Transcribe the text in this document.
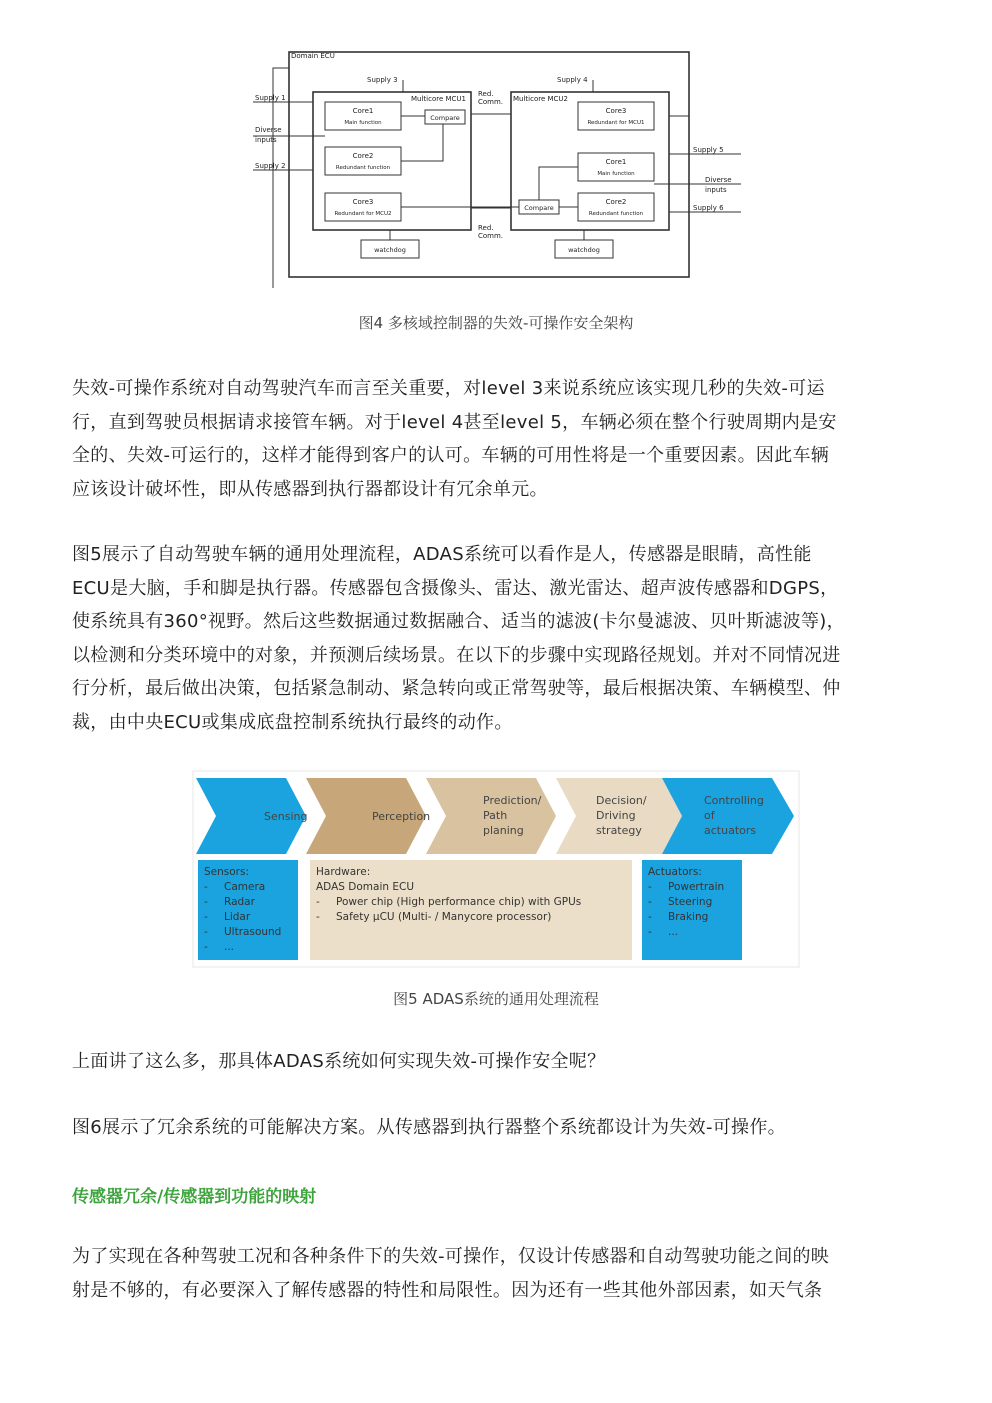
Domain ECU
Supply 1
Supply 2
Supply 3	Supply 4
Supply 5
Supply 6
Diverse
inputs
Diverse
inputs
Multicore MCU1	Multicore MCU2
Red.
Comm.
Red.
Comm.
Core1
Main function
Core2
Redundant function
Core3
Redundant for MCU2
Compare
Core3
Redundant for MCU1
Core1
Main function
Core2
Redundant function
Compare
watchdog	watchdog
图4 多核域控制器的失效-可操作安全架构
失效-可操作系统对自动驾驶汽车而言至关重要，对level 3来说系统应该实现几秒的失效-可运
行，直到驾驶员根据请求接管车辆。对于level 4甚至level 5，车辆必须在整个行驶周期内是安
全的、失效-可运行的，这样才能得到客户的认可。车辆的可用性将是一个重要因素。因此车辆
应该设计破坏性，即从传感器到执行器都设计有冗余单元。
图5展示了自动驾驶车辆的通用处理流程，ADAS系统可以看作是人，传感器是眼睛，高性能
ECU是大脑，手和脚是执行器。传感器包含摄像头、雷达、激光雷达、超声波传感器和DGPS，
使系统具有360°视野。然后这些数据通过数据融合、适当的滤波(卡尔曼滤波、贝叶斯滤波等)，
以检测和分类环境中的对象，并预测后续场景。在以下的步骤中实现路径规划。并对不同情况进
行分析，最后做出决策，包括紧急制动、紧急转向或正常驾驶等，最后根据决策、车辆模型、仲
裁，由中央ECU或集成底盘控制系统执行最终的动作。
Sensing	Perception
Prediction/
Path
planing
Decision/
Driving
strategy
Controlling
of
actuators
Sensors:
- Camera
- Radar
- Lidar
- Ultrasound
- ...
Hardware:
ADAS Domain ECU
- Power chip (High performance chip) with GPUs
- Safety µCU (Multi- / Manycore processor)
Actuators:
- Powertrain
- Steering
- Braking
- ...
图5 ADAS系统的通用处理流程
上面讲了这么多，那具体ADAS系统如何实现失效-可操作安全呢？
图6展示了冗余系统的可能解决方案。从传感器到执行器整个系统都设计为失效-可操作。
传感器冗余/传感器到功能的映射
为了实现在各种驾驶工况和各种条件下的失效-可操作，仅设计传感器和自动驾驶功能之间的映
射是不够的，有必要深入了解传感器的特性和局限性。因为还有一些其他外部因素，如天气条
